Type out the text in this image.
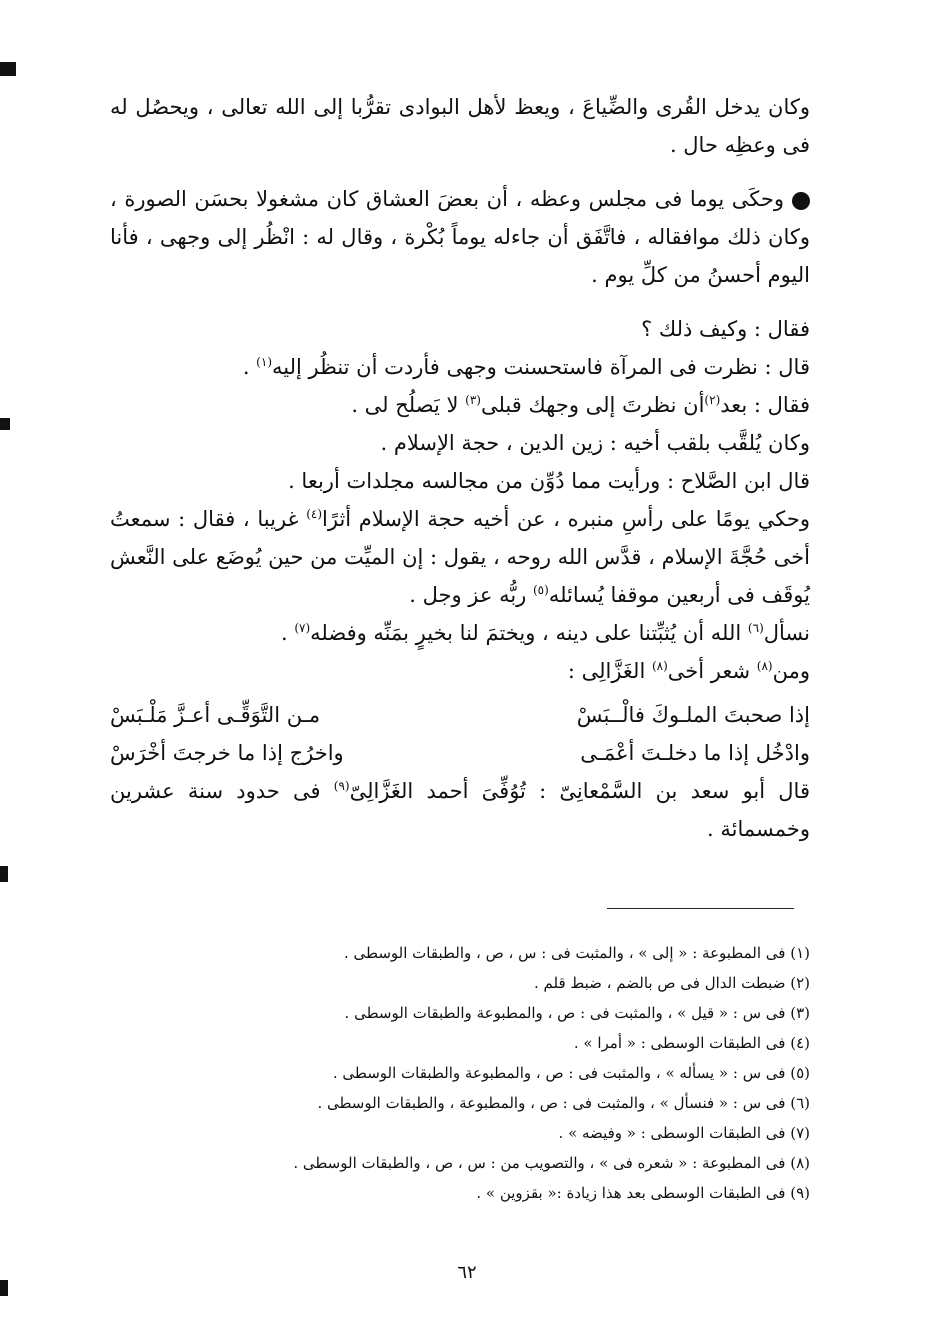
وكان يدخل القُرى والضِّياعَ ، ويعظ لأهل البوادى تقرُّبا إلى الله تعالى ، ويحصُل له فى وعظِه حال .

وحكَى يوما فى مجلس وعظه ، أن بعضَ العشاق كان مشغولا بحسَن الصورة ، وكان ذلك موافقاله ، فاتَّفَق أن جاءله يوماً بُكْرة ، وقال له : انْظُر إلى وجهى ، فأنا اليوم أحسنُ من كلِّ يوم .

فقال : وكيف ذلك ؟

قال : نظرت فى المرآة فاستحسنت وجهى فأردت أن تنظُر إليه$^{(١)}$ .

فقال : بعد$^{(٢)}$أن نظرتَ إلى وجهك قبلى$^{(٣)}$ لا يَصلُح لى .

وكان يُلقَّب بلقب أخيه : زين الدين ، حجة الإسلام .

قال ابن الصَّلاح : ورأيت مما دُوِّن من مجالسه مجلدات أربعا .

وحكي يومًا على رأسِ منبره ، عن أخيه حجة الإسلام أثرًا$^{(٤)}$ غريبا ، فقال : سمعتُ أخى حُجَّةَ الإسلام ، قدَّس الله روحه ، يقول : إن الميِّت من حين يُوضَع على النَّعش يُوقَف فى أربعين موقفا يُسائله$^{(٥)}$ ربُّه عز وجل .

نسأل$^{(٦)}$ الله أن يُثبِّتنا على دينه ، ويختمَ لنا بخيرٍ بمَنِّه وفضله$^{(٧)}$ .

ومن$^{(٨)}$ شعر أخى$^{(٨)}$ الغَزَّالِى :

إذا صحبتَ الملـوكَ فالْــبَسْ
مـن التَّوَقِّـى أعـزَّ مَلْـبَسْ
وادْخُل إذا ما دخلـتَ أعْمَـى
واخرُج إذا ما خرجتَ أخْرَسْ

قال أبو سعد بن السَّمْعانِىّ : تُوُفِّىَ أحمد الغَزَّالِىّ$^{(٩)}$ فى حدود سنة عشرين وخمسمائة .

(١) فى المطبوعة : « إلى » ، والمثبت فى : س ، ص ، والطبقات الوسطى .
(٢) ضبطت الدال فى ص بالضم ، ضبط قلم .
(٣) فى س : « قيل » ، والمثبت فى : ص ، والمطبوعة والطبقات الوسطى .
(٤) فى الطبقات الوسطى : « أمرا » .
(٥) فى س : « يسأله » ، والمثبت فى : ص ، والمطبوعة والطبقات الوسطى .
(٦) فى س : « فنسأل » ، والمثبت فى : ص ، والمطبوعة ، والطبقات الوسطى .
(٧) فى الطبقات الوسطى : « وفيضه » .
(٨) فى المطبوعة : « شعره فى » ، والتصويب من : س ، ص ، والطبقات الوسطى .
(٩) فى الطبقات الوسطى بعد هذا زيادة :« بقزوين » .
٦٢
